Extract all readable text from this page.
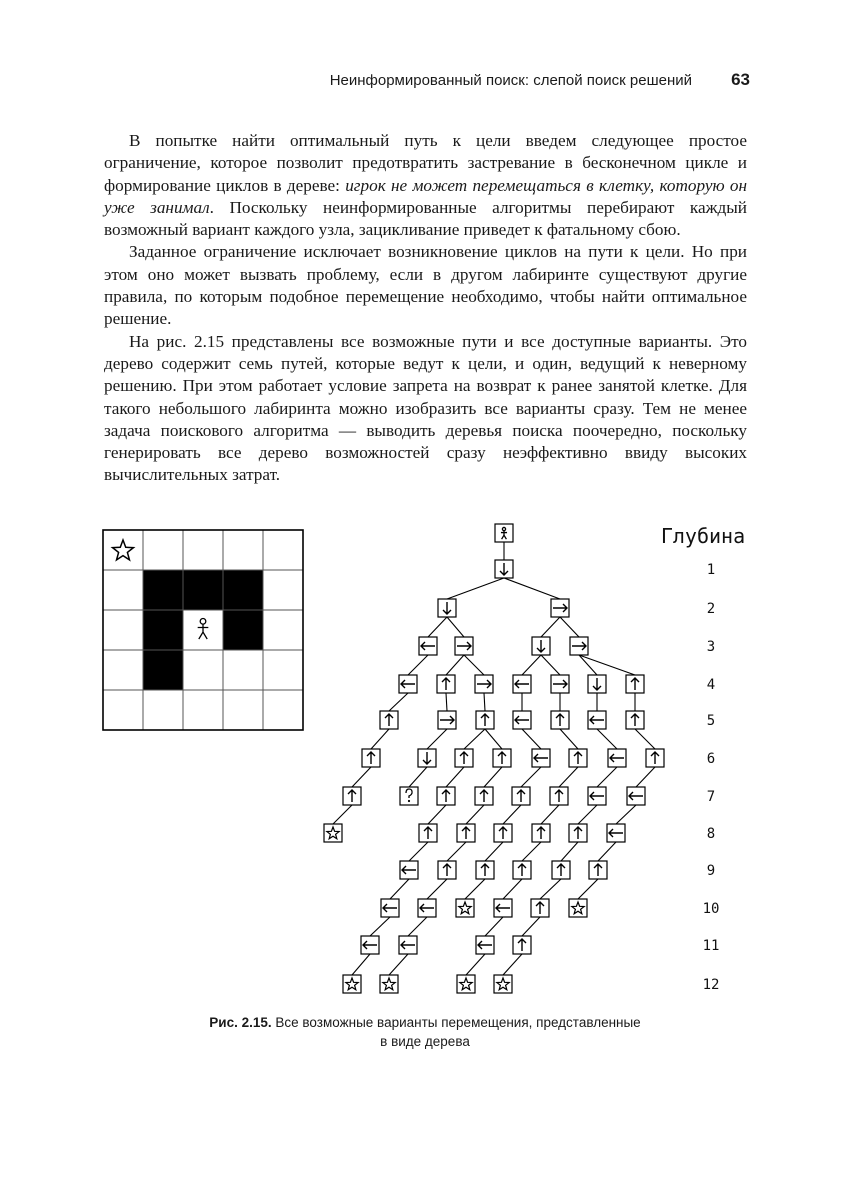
Неинформированный поиск: слепой поиск решений 63

В попытке найти оптимальный путь к цели введем следующее простое ограничение, которое позволит предотвратить застревание в бесконечном цикле и формирование циклов в дереве: игрок не может перемещаться в клетку, которую он уже занимал. Поскольку неинформированные алгоритмы перебирают каждый возможный вариант каждого узла, зацикливание приведет к фатальному сбою.

Заданное ограничение исключает возникновение циклов на пути к цели. Но при этом оно может вызвать проблему, если в другом лабиринте существуют другие правила, по которым подобное перемещение необходимо, чтобы найти оптимальное решение.

На рис. 2.15 представлены все возможные пути и все доступные варианты. Это дерево содержит семь путей, которые ведут к цели, и один, ведущий к неверному решению. При этом работает условие запрета на возврат к ранее занятой клетке. Для такого небольшого лабиринта можно изобразить все варианты сразу. Тем не менее задача поискового алгоритма — выводить деревья поиска поочередно, поскольку генерировать все дерево возможностей сразу неэффективно ввиду высоких вычислительных затрат.

Глубина
1
2
3
4
5
6
7
8
9
10
11
12
Рис. 2.15. Все возможные варианты перемещения, представленные
в виде дерева
